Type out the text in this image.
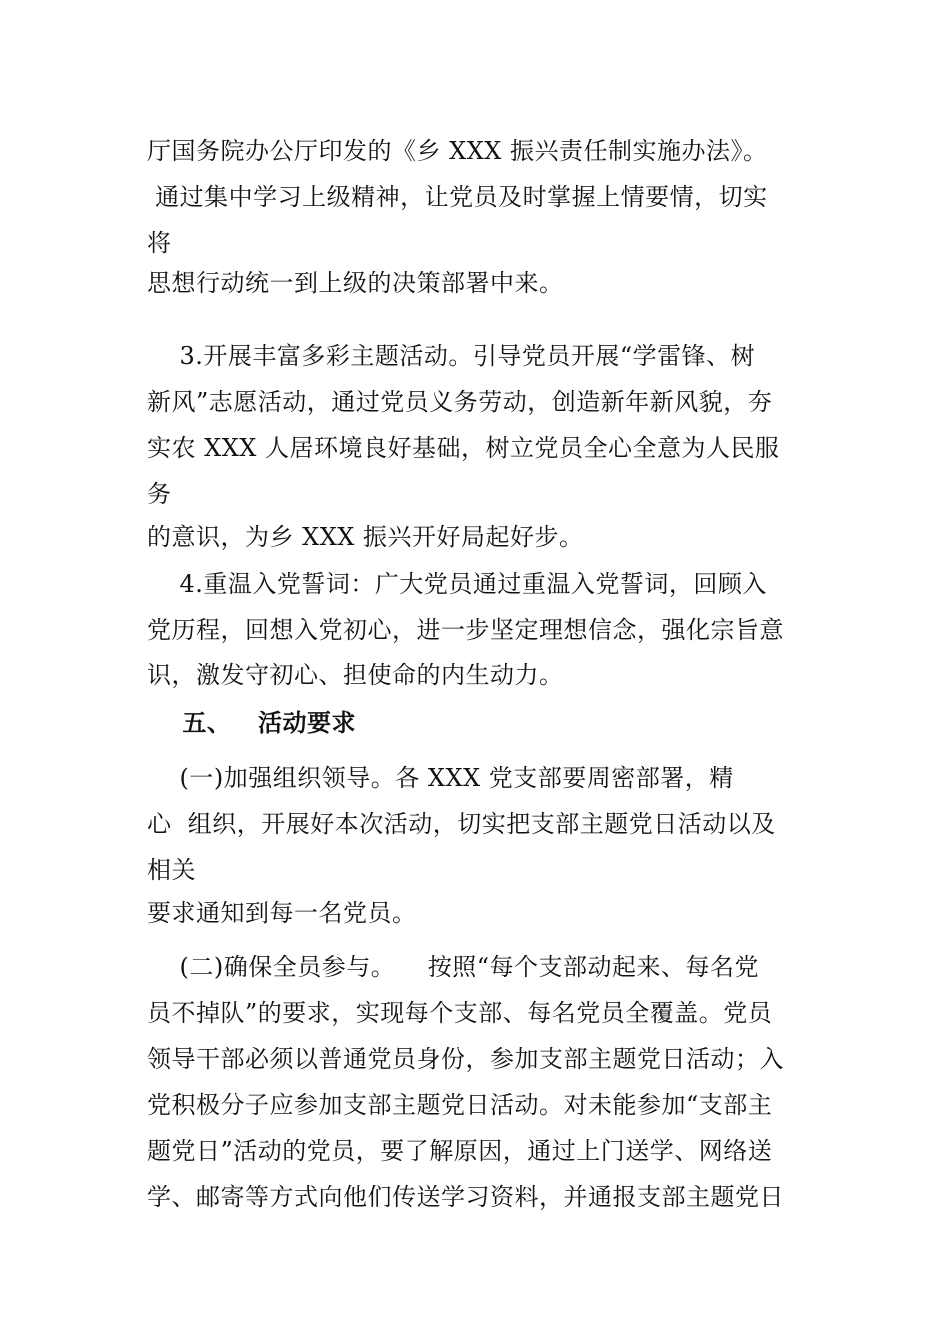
厅国务院办公厅印发的《乡 XXX 振兴责任制实施办法》。
通过集中学习上级精神，让党员及时掌握上情要情，切实
将
思想行动统一到上级的决策部署中来。
3.开展丰富多彩主题活动。引导党员开展“学雷锋、树
新风”志愿活动，通过党员义务劳动，创造新年新风貌，夯
实农 XXX 人居环境良好基础，树立党员全心全意为人民服
务
的意识，为乡 XXX 振兴开好局起好步。
4.重温入党誓词：广大党员通过重温入党誓词，回顾入
党历程，回想入党初心，进一步坚定理想信念，强化宗旨意
识，激发守初心、担使命的内生动力。
五、   活动要求
(一)加强组织领导。各 XXX 党支部要周密部署，精
心  组织，开展好本次活动，切实把支部主题党日活动以及
相关
要求通知到每一名党员。
(二)确保全员参与。    按照“每个支部动起来、每名党
员不掉队”的要求，实现每个支部、每名党员全覆盖。党员
领导干部必须以普通党员身份，参加支部主题党日活动；入
党积极分子应参加支部主题党日活动。对未能参加“支部主
题党日”活动的党员，要了解原因，通过上门送学、网络送
学、邮寄等方式向他们传送学习资料，并通报支部主题党日
